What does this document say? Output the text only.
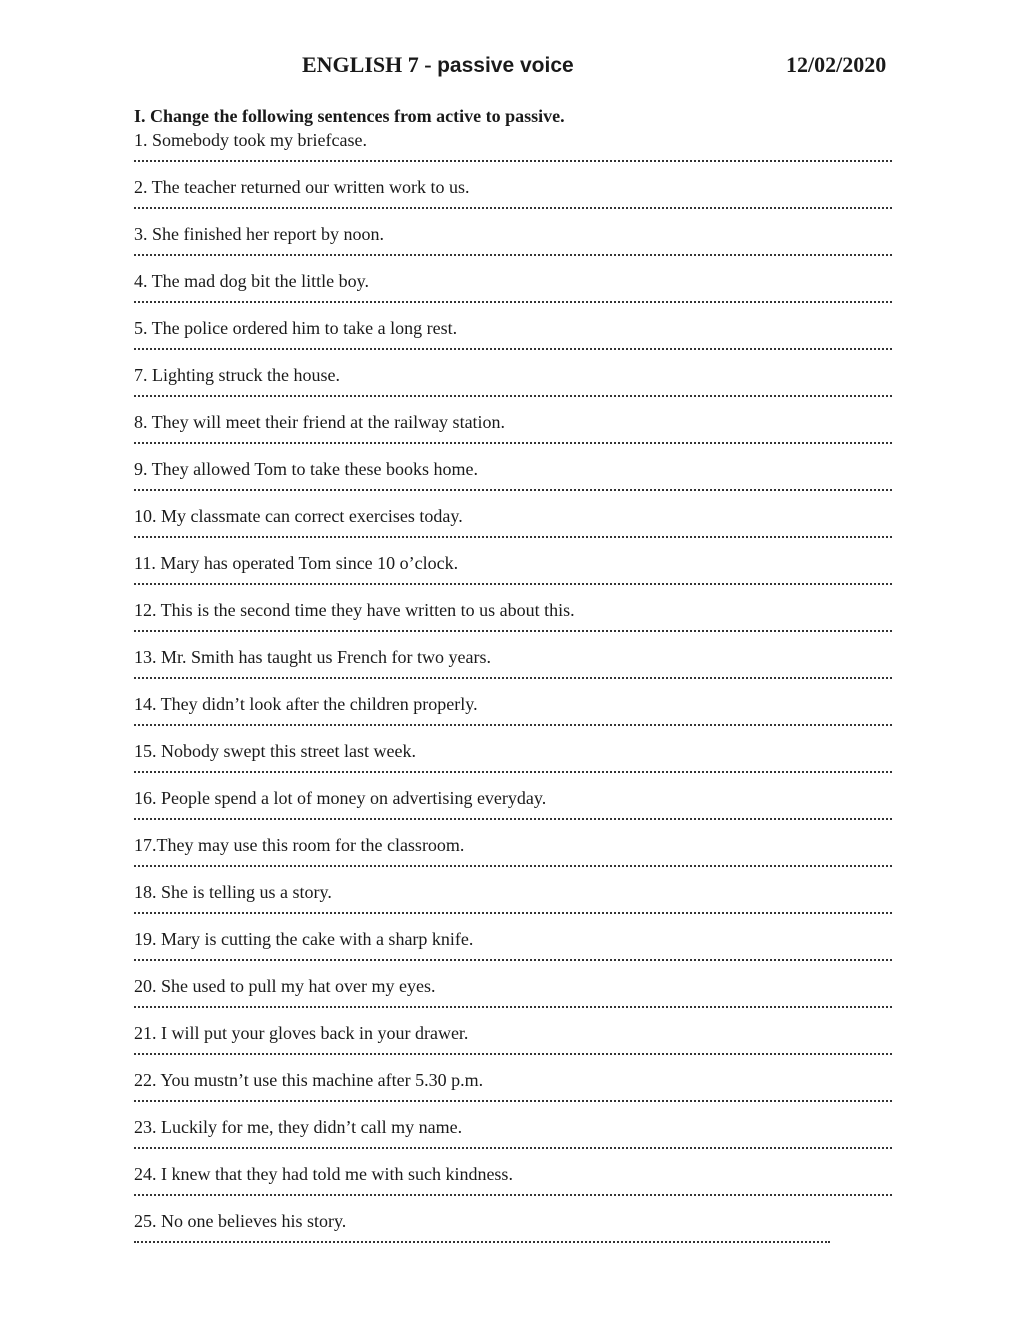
ENGLISH 7 - passive voice	12/02/2020
I. Change the following sentences from active to passive.
1. Somebody took my briefcase.
2. The teacher returned our written work to us.
3. She finished her report by noon.
4. The mad dog bit the little boy.
5. The police ordered him to take a long rest.
7. Lighting struck the house.
8. They will meet their friend at the railway station.
9. They allowed Tom to take these books home.
10. My classmate can correct exercises today.
11. Mary has operated Tom since 10 o’clock.
12. This is the second time they have written to us about this.
13. Mr. Smith has taught us French for two years.
14. They didn’t look after the children properly.
15. Nobody swept this street last week.
16. People spend a lot of money on advertising everyday.
17.They may use this room for the classroom.
18. She is telling us a story.
19. Mary is cutting the cake with a sharp knife.
20. She used to pull my hat over my eyes.
21. I will put your gloves back in your drawer.
22. You mustn’t use this machine after 5.30 p.m.
23. Luckily for me, they didn’t call my name.
24. I knew that they had told me with such kindness.
25. No one believes his story.
